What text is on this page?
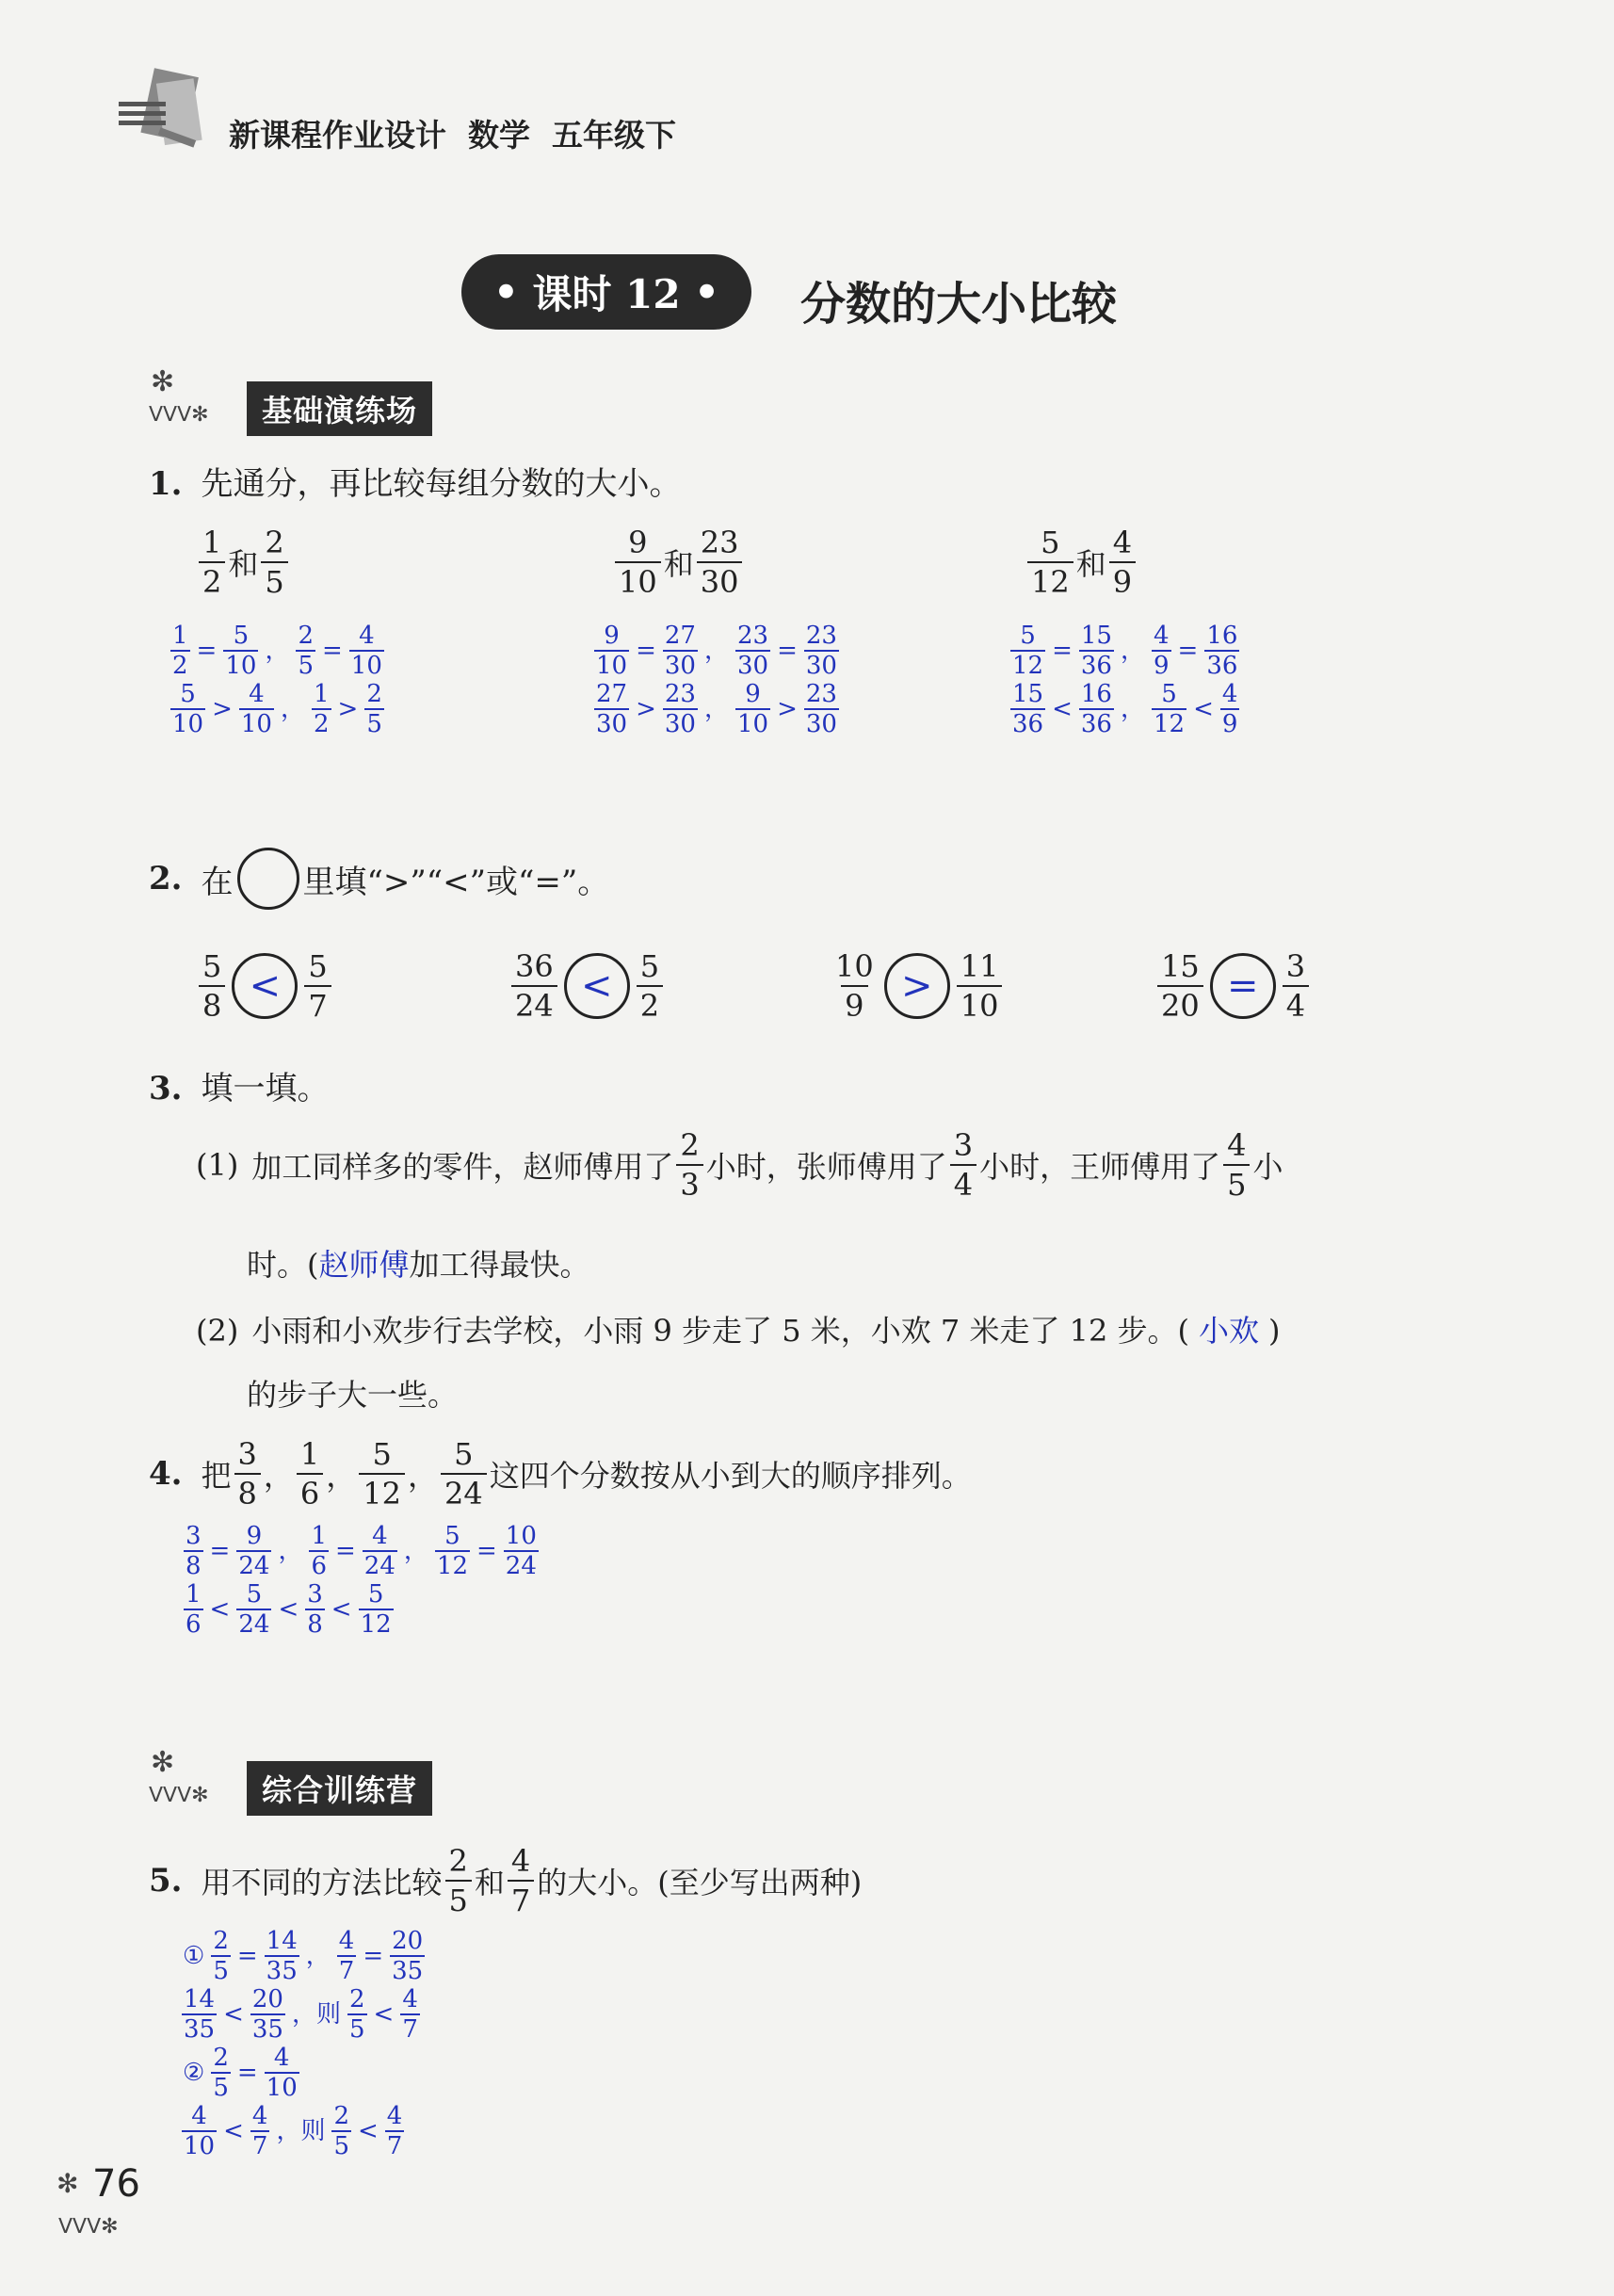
新课程作业设计  数学  五年级下
• 课时 12 • 分数的大小比较
✻
ᐯᐯᐯ✻	基础演练场
1. 先通分，再比较每组分数的大小。
$\frac{1}{2}$ 和 $\frac{2}{5}$	$\frac{9}{10}$ 和 $\frac{23}{30}$	$\frac{5}{12}$ 和 $\frac{4}{9}$
$\frac{1}{2} = \frac{5}{10}$ ， $\frac{2}{5} = \frac{4}{10}$
$\frac{5}{10} > \frac{4}{10}$ ， $\frac{1}{2} > \frac{2}{5}$
$\frac{9}{10} = \frac{27}{30}$ ， $\frac{23}{30} = \frac{23}{30}$
$\frac{27}{30} > \frac{23}{30}$ ， $\frac{9}{10} > \frac{23}{30}$
$\frac{5}{12} = \frac{15}{36}$ ， $\frac{4}{9} = \frac{16}{36}$
$\frac{15}{36} < \frac{16}{36}$ ， $\frac{5}{12} < \frac{4}{9}$
2. 在 里填“>”“<”或“=”。
$\frac{5}{8} < \frac{5}{7}$	$\frac{36}{24} < \frac{5}{2}$	$\frac{10}{9} > \frac{11}{10}$	$\frac{15}{20} = \frac{3}{4}$
3. 填一填。
(1) 加工同样多的零件，赵师傅用了 $\frac{2}{3}$ 小时，张师傅用了 $\frac{3}{4}$ 小时，王师傅用了 $\frac{4}{5}$ 小
时。(赵师傅加工得最快。
(2) 小雨和小欢步行去学校，小雨 9 步走了 5 米，小欢 7 米走了 12 步。( 小欢 )
的步子大一些。
4. 把 $\frac{3}{8}$ ， $\frac{1}{6}$ ， $\frac{5}{12}$ ， $\frac{5}{24}$ 这四个分数按从小到大的顺序排列。
$\frac{3}{8} = \frac{9}{24}$ ， $\frac{1}{6} = \frac{4}{24}$ ， $\frac{5}{12} = \frac{10}{24}$
$\frac{1}{6} < \frac{5}{24} < \frac{3}{8} < \frac{5}{12}$
✻
ᐯᐯᐯ✻	综合训练营
5. 用不同的方法比较 $\frac{2}{5}$ 和 $\frac{4}{7}$ 的大小。(至少写出两种)
① $\frac{2}{5} = \frac{14}{35}$ ， $\frac{4}{7} = \frac{20}{35}$
$\frac{14}{35} < \frac{20}{35}$ ，则 $\frac{2}{5} < \frac{4}{7}$
② $\frac{2}{5} = \frac{4}{10}$
$\frac{4}{10} < \frac{4}{7}$ ，则 $\frac{2}{5} < \frac{4}{7}$
✻ 76
ᐯᐯᐯ✻
